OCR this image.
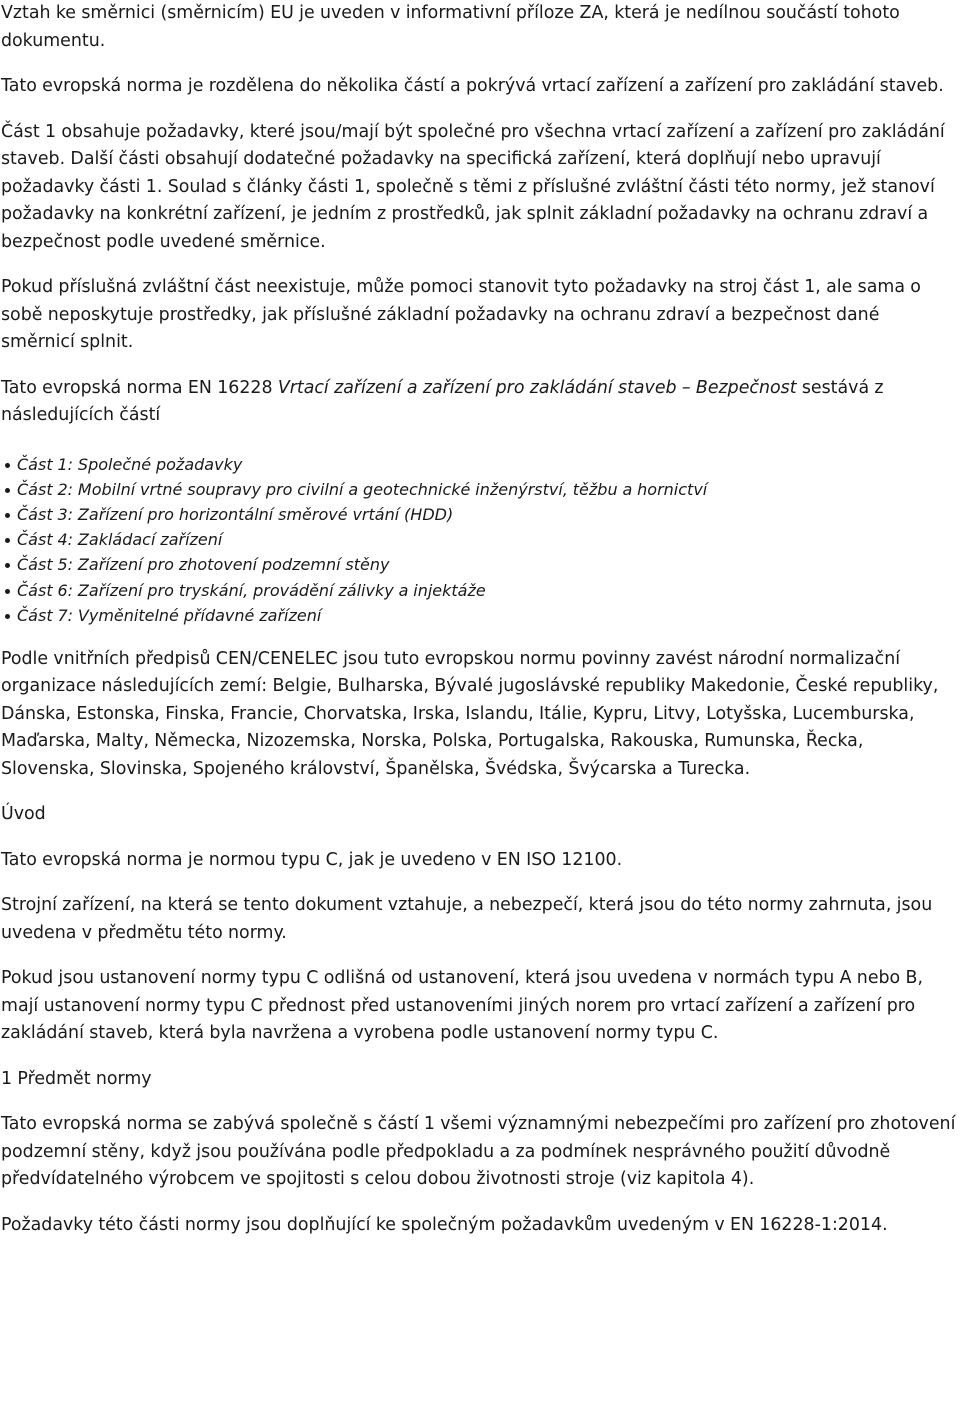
Vztah ke směrnici (směrnicím) EU je uveden v informativní příloze ZA, která je nedílnou součástí tohoto dokumentu.

Tato evropská norma je rozdělena do několika částí a pokrývá vrtací zařízení a zařízení pro zakládání staveb.

Část 1 obsahuje požadavky, které jsou/mají být společné pro všechna vrtací zařízení a zařízení pro zakládání staveb. Další části obsahují dodatečné požadavky na specifická zařízení, která doplňují nebo upravují požadavky části 1. Soulad s články části 1, společně s těmi z příslušné zvláštní části této normy, jež stanoví požadavky na konkrétní zařízení, je jedním z prostředků, jak splnit základní požadavky na ochranu zdraví a bezpečnost podle uvedené směrnice.

Pokud příslušná zvláštní část neexistuje, může pomoci stanovit tyto požadavky na stroj část 1, ale sama o sobě neposkytuje prostředky, jak příslušné základní požadavky na ochranu zdraví a bezpečnost dané směrnicí splnit.

Tato evropská norma EN 16228 Vrtací zařízení a zařízení pro zakládání staveb – Bezpečnost sestává z následujících částí

Část 1: Společné požadavky
Část 2: Mobilní vrtné soupravy pro civilní a geotechnické inženýrství, těžbu a hornictví
Část 3: Zařízení pro horizontální směrové vrtání (HDD)
Část 4: Zakládací zařízení
Část 5: Zařízení pro zhotovení podzemní stěny
Část 6: Zařízení pro tryskání, provádění zálivky a injektáže
Část 7: Vyměnitelné přídavné zařízení

Podle vnitřních předpisů CEN/CENELEC jsou tuto evropskou normu povinny zavést národní normalizační organizace následujících zemí: Belgie, Bulharska, Bývalé jugoslávské republiky Makedonie, České republiky, Dánska, Estonska, Finska, Francie, Chorvatska, Irska, Islandu, Itálie, Kypru, Litvy, Lotyšska, Lucemburska, Maďarska, Malty, Německa, Nizozemska, Norska, Polska, Portugalska, Rakouska, Rumunska, Řecka, Slovenska, Slovinska, Spojeného království, Španělska, Švédska, Švýcarska a Turecka.

Úvod

Tato evropská norma je normou typu C, jak je uvedeno v EN ISO 12100.

Strojní zařízení, na která se tento dokument vztahuje, a nebezpečí, která jsou do této normy zahrnuta, jsou uvedena v předmětu této normy.

Pokud jsou ustanovení normy typu C odlišná od ustanovení, která jsou uvedena v normách typu A nebo B, mají ustanovení normy typu C přednost před ustanoveními jiných norem pro vrtací zařízení a zařízení pro zakládání staveb, která byla navržena a vyrobena podle ustanovení normy typu C.

1 Předmět normy

Tato evropská norma se zabývá společně s částí 1 všemi významnými nebezpečími pro zařízení pro zhotovení podzemní stěny, když jsou používána podle předpokladu a za podmínek nesprávného použití důvodně předvídatelného výrobcem ve spojitosti s celou dobou životnosti stroje (viz kapitola 4).

Požadavky této části normy jsou doplňující ke společným požadavkům uvedeným v EN 16228-1:2014.
